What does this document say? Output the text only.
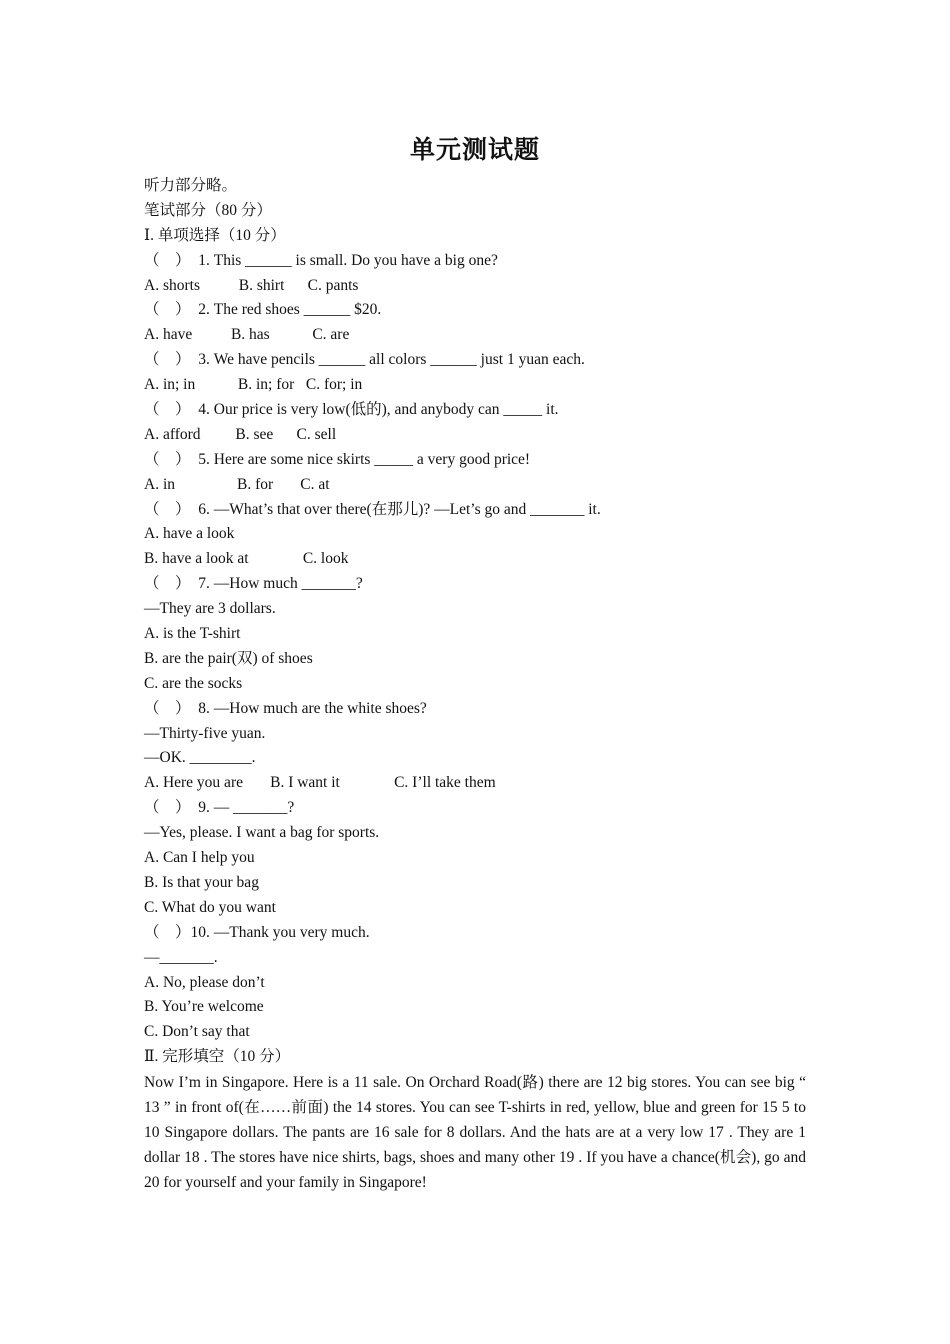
单元测试题
听力部分略。
笔试部分（80 分）
Ⅰ. 单项选择（10 分）
（    ）  1. This ______ is small. Do you have a big one?
A. shorts          B. shirt      C. pants
（    ）  2. The red shoes ______ $20.
A. have          B. has           C. are
（    ）  3. We have pencils ______ all colors ______ just 1 yuan each.
A. in; in           B. in; for   C. for; in
（    ）  4. Our price is very low(低的), and anybody can _____ it.
A. afford         B. see      C. sell
（    ）  5. Here are some nice skirts _____ a very good price!
A. in                B. for       C. at
（    ）  6. —What’s that over there(在那儿)? —Let’s go and _______ it.
A. have a look
B. have a look at              C. look
（    ）  7. —How much _______?
—They are 3 dollars.
A. is the T-shirt
B. are the pair(双) of shoes
C. are the socks
（    ）  8. —How much are the white shoes?
—Thirty-five yuan.
—OK. ________.
A. Here you are       B. I want it              C. I’ll take them
（    ）  9. — _______?
—Yes, please. I want a bag for sports.
A. Can I help you
B. Is that your bag
C. What do you want
（    ）10. —Thank you very much.
—_______.
A. No, please don’t
B. You’re welcome
C. Don’t say that
Ⅱ. 完形填空（10 分）
Now I’m in Singapore. Here is a 11 sale. On Orchard Road(路) there are 12 big stores. You can see big “ 13 ” in front of(在……前面) the 14 stores. You can see T-shirts in red, yellow, blue and green for 15 5 to 10 Singapore dollars. The pants are 16 sale for 8 dollars. And the hats are at a very low 17 . They are 1 dollar 18 . The stores have nice shirts, bags, shoes and many other 19 . If you have a chance(机会), go and 20 for yourself and your family in Singapore!
